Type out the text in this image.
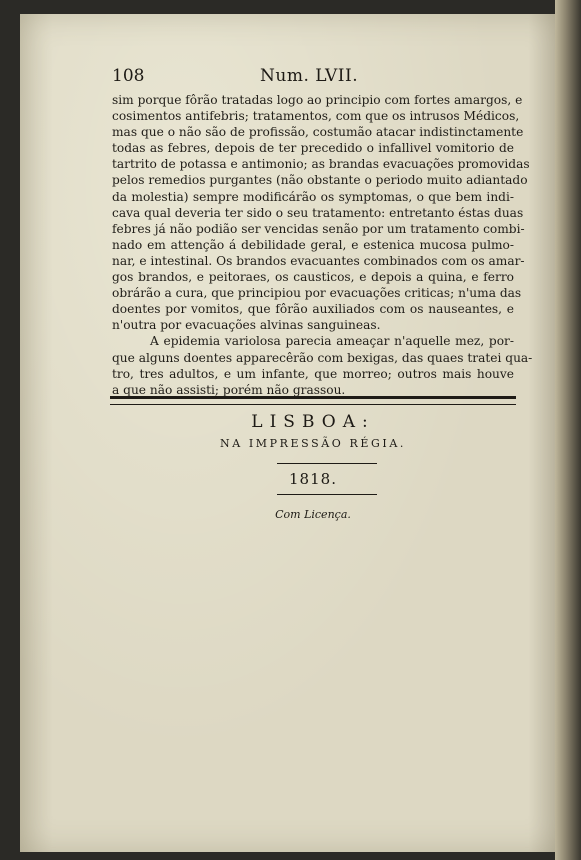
108	Num. LVII.
sim porque fôrão tratadas logo ao principio com fortes amargos, e
cosimentos antifebris; tratamentos, com que os intrusos Médicos,
mas que o não são de profissão, costumão atacar indistinctamente
todas as febres, depois de ter precedido o infallivel vomitorio de
tartrito de potassa e antimonio; as brandas evacuações promovidas
pelos remedios purgantes (não obstante o periodo muito adiantado
da molestia) sempre modificárão os symptomas, o que bem indi-
cava qual deveria ter sido o seu tratamento: entretanto éstas duas
febres já não podião ser vencidas senão por um tratamento combi-
nado em attenção á debilidade geral, e estenica mucosa pulmo-
nar, e intestinal. Os brandos evacuantes combinados com os amar-
gos brandos, e peitoraes, os causticos, e depois a quina, e ferro
obrárão a cura, que principiou por evacuações criticas; n'uma das
doentes por vomitos, que fôrão auxiliados com os nauseantes, e
n'outra por evacuações alvinas sanguineas.
A epidemia variolosa parecia ameaçar n'aquelle mez, por-
que alguns doentes apparecêrão com bexigas, das quaes tratei qua-
tro, tres adultos, e um infante, que morreo; outros mais houve
a que não assisti; porém não grassou.
LISBOA:
NA IMPRESSÃO RÉGIA.
1818.
Com Licença.
